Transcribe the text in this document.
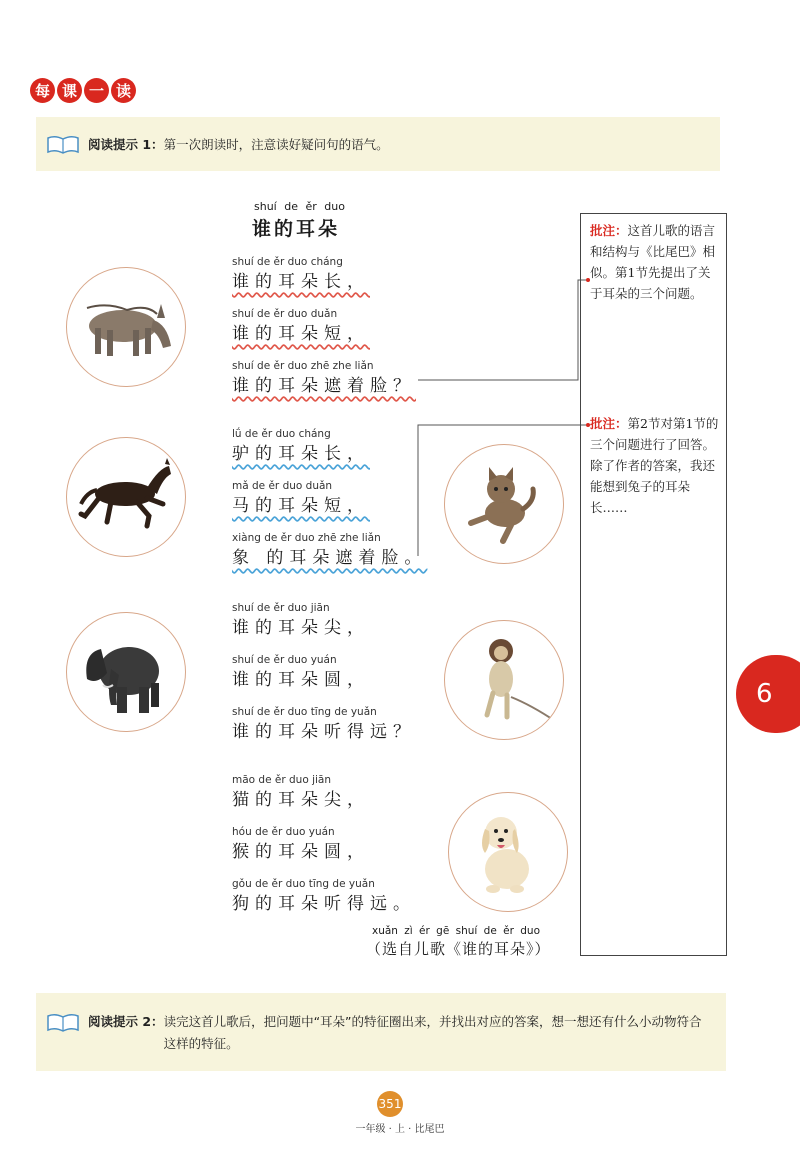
每 课 一 读
阅读提示 1： 第一次朗读时，注意读好疑问句的语气。
shuí de ěr duo
谁的耳朵
shuí de ěr duo cháng
谁的耳朵长，
shuí de ěr duo duǎn
谁的耳朵短，
shuí de ěr duo zhē zhe liǎn
谁的耳朵遮着脸？
lǘ de ěr duo cháng
驴的耳朵长，
mǎ de ěr duo duǎn
马的耳朵短，
xiàng de ěr duo zhē zhe liǎn
象 的耳朵遮着脸。
shuí de ěr duo jiān
谁的耳朵尖，
shuí de ěr duo yuán
谁的耳朵圆，
shuí de ěr duo tīng de yuǎn
谁的耳朵听得远？
māo de ěr duo jiān
猫的耳朵尖，
hóu de ěr duo yuán
猴的耳朵圆，
gǒu de ěr duo tīng de yuǎn
狗的耳朵听得远。
xuǎn zì ér gē shuí de ěr duo
（选自儿歌《谁的耳朵》）
批注：这首儿歌的语言和结构与《比尾巴》相似。第1节先提出了关于耳朵的三个问题。
批注：第2节对第1节的三个问题进行了回答。除了作者的答案，我还能想到兔子的耳朵长……
6
阅读提示 2： 读完这首儿歌后，把问题中“耳朵”的特征圈出来，并找出对应的答案，想一想还有什么小动物符合这样的特征。
351
一年级 · 上 · 比尾巴
